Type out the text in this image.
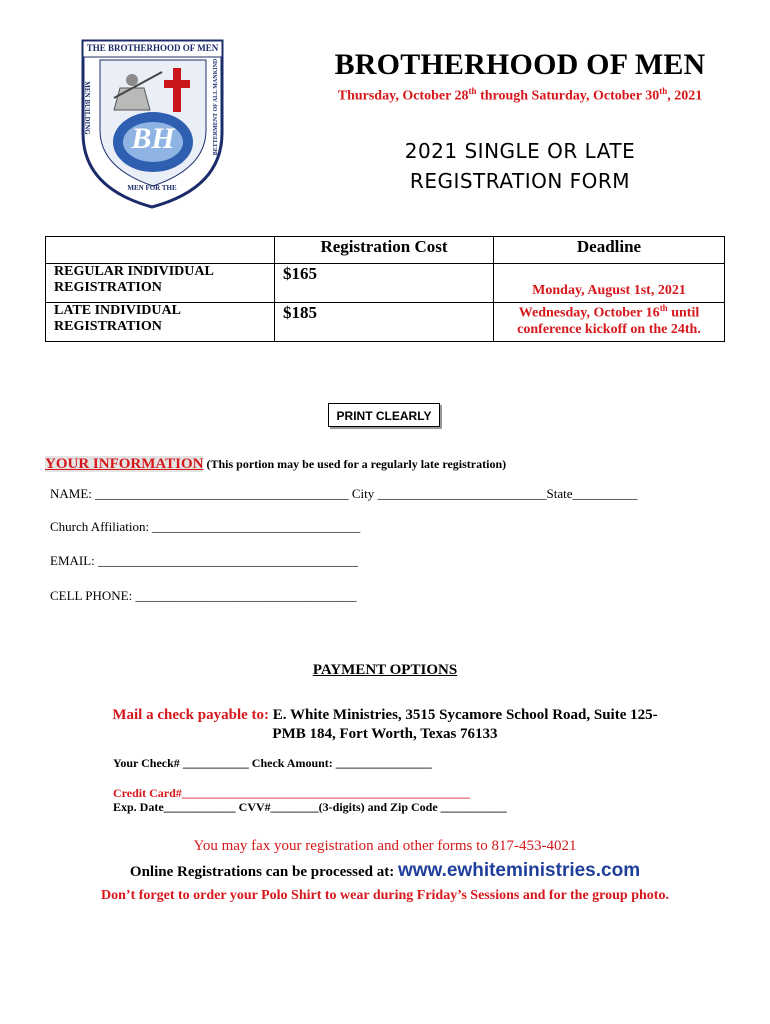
THE BROTHERHOOD OF MEN
BH
MEN BUILDING	BETTERMENT OF ALL MANKIND
MEN FOR THE
BROTHERHOOD OF MEN
Thursday, October 28th through Saturday, October 30th, 2021
2021 SINGLE OR LATE
REGISTRATION FORM
	Registration Cost	Deadline
REGULAR INDIVIDUAL REGISTRATION	$165	Monday, August 1st, 2021

LATE INDIVIDUAL REGISTRATION	$185	Wednesday, October 16th until conference kickoff on the 24th.
PRINT CLEARLY
YOUR INFORMATION (This portion may be used for a regularly late registration)
NAME: _______________________________________ City __________________________State__________
Church Affiliation: ________________________________
EMAIL: ________________________________________
CELL PHONE: __________________________________
PAYMENT OPTIONS
Mail a check payable to: E. White Ministries, 3515 Sycamore School Road, Suite 125-PMB 184, Fort Worth, Texas 76133
Your Check# ___________ Check Amount: ________________
Credit Card#________________________________________________
Exp. Date____________ CVV#________(3-digits) and Zip Code ___________
You may fax your registration and other forms to 817-453-4021
Online Registrations can be processed at: www.ewhiteministries.com
Don’t forget to order your Polo Shirt to wear during Friday’s Sessions and for the group photo.
